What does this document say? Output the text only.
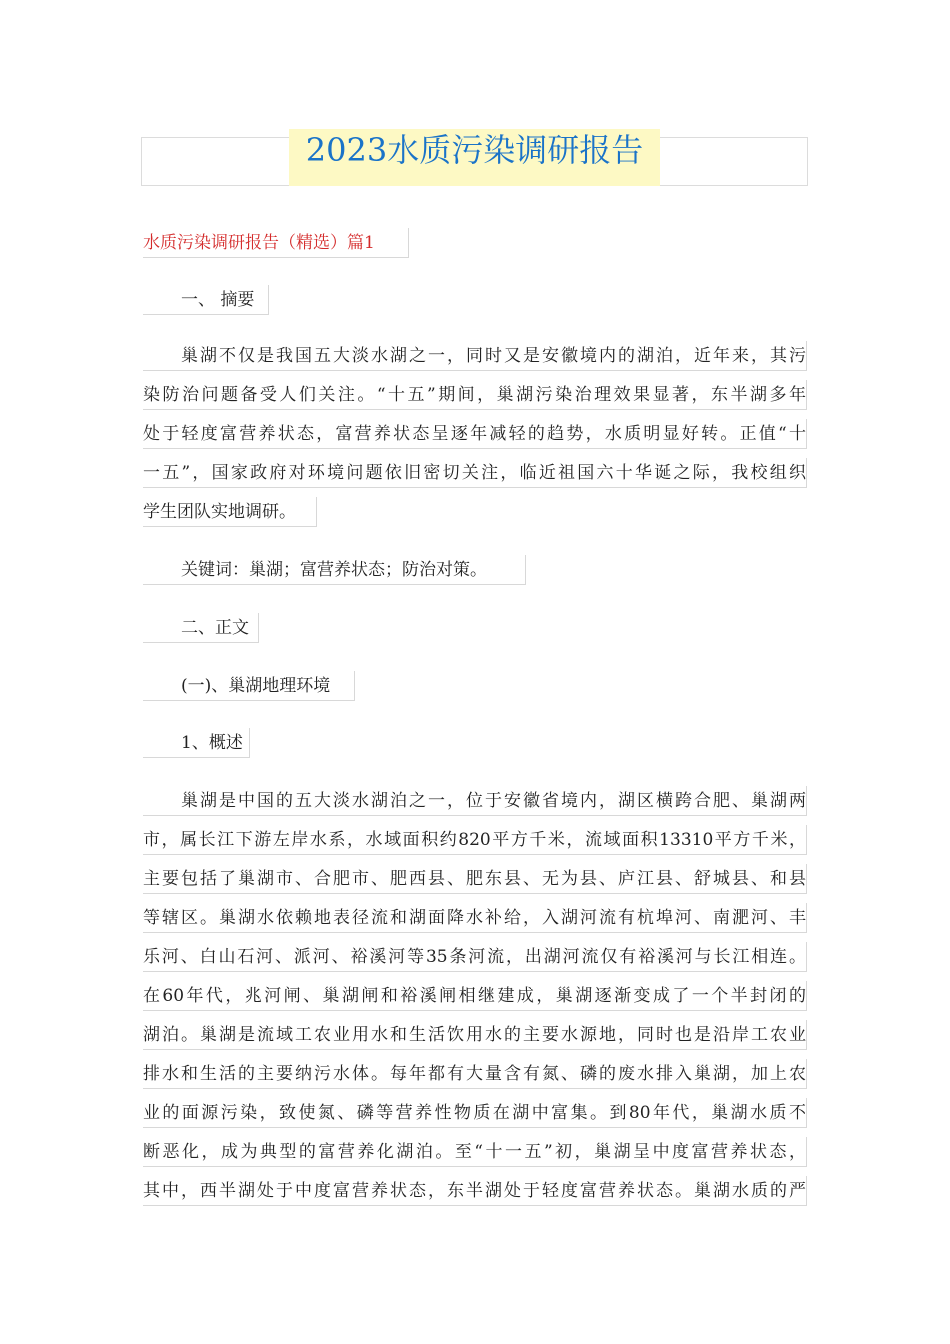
2023水质污染调研报告
水质污染调研报告（精选）篇1
一、 摘要
巢湖不仅是我国五大淡水湖之一，同时又是安徽境内的湖泊，近年来，其污
染防治问题备受人们关注。“十五”期间，巢湖污染治理效果显著，东半湖多年
处于轻度富营养状态，富营养状态呈逐年减轻的趋势，水质明显好转。正值“十
一五”，国家政府对环境问题依旧密切关注，临近祖国六十华诞之际，我校组织
学生团队实地调研。
关键词：巢湖；富营养状态；防治对策。
二、正文
(一)、巢湖地理环境
1、概述
巢湖是中国的五大淡水湖泊之一，位于安徽省境内，湖区横跨合肥、巢湖两
市，属长江下游左岸水系，水域面积约820平方千米，流域面积13310平方千米，
主要包括了巢湖市、合肥市、肥西县、肥东县、无为县、庐江县、舒城县、和县
等辖区。巢湖水依赖地表径流和湖面降水补给，入湖河流有杭埠河、南淝河、丰
乐河、白山石河、派河、裕溪河等35条河流，出湖河流仅有裕溪河与长江相连。
在60年代，兆河闸、巢湖闸和裕溪闸相继建成，巢湖逐渐变成了一个半封闭的
湖泊。巢湖是流域工农业用水和生活饮用水的主要水源地，同时也是沿岸工农业
排水和生活的主要纳污水体。每年都有大量含有氮、磷的废水排入巢湖，加上农
业的面源污染，致使氮、磷等营养性物质在湖中富集。到80年代，巢湖水质不
断恶化，成为典型的富营养化湖泊。至“十一五”初，巢湖呈中度富营养状态，
其中，西半湖处于中度富营养状态，东半湖处于轻度富营养状态。巢湖水质的严
